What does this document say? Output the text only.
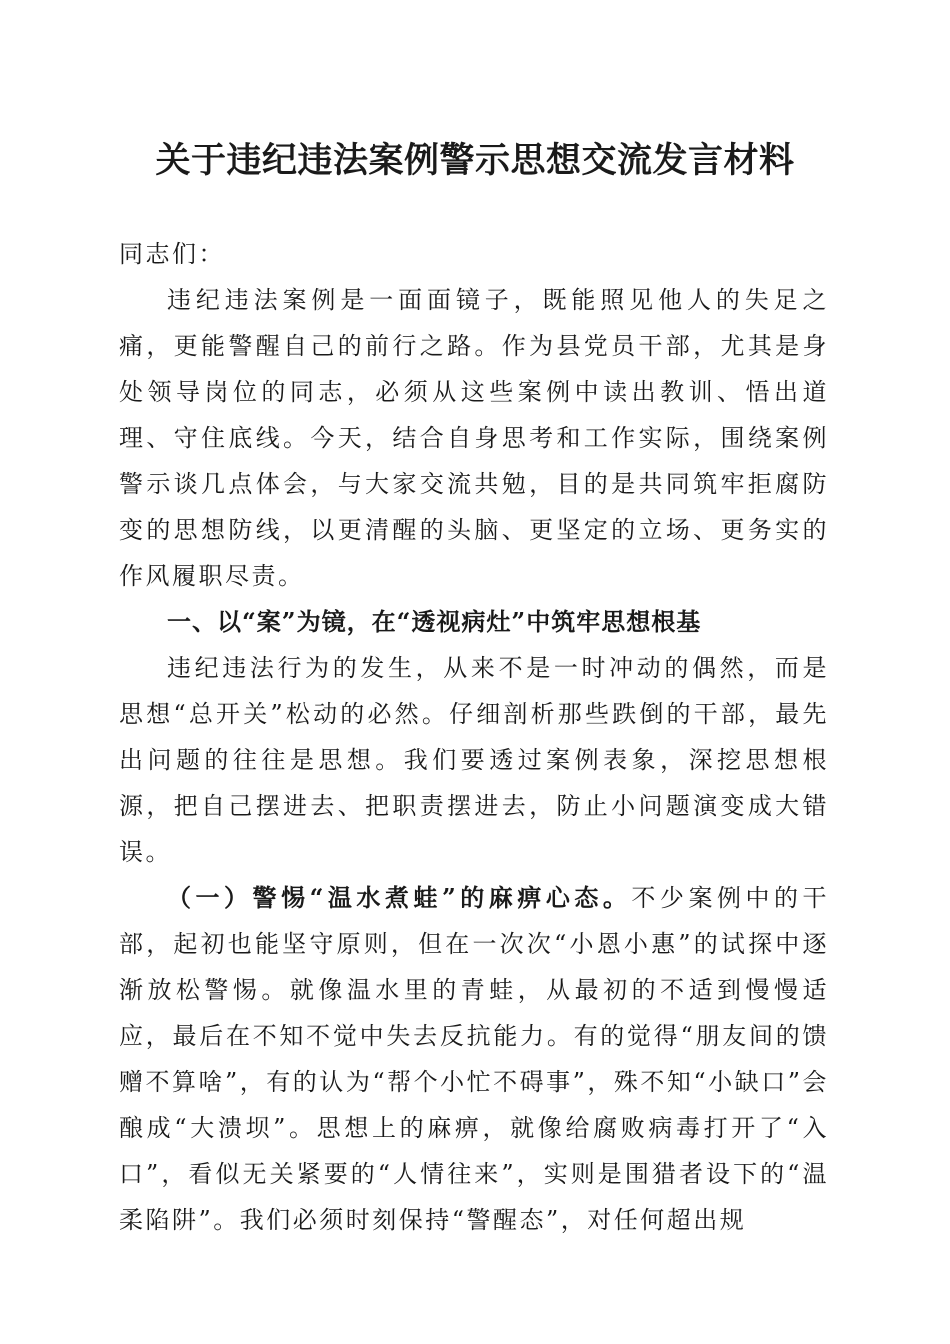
关于违纪违法案例警示思想交流发言材料

同志们：

违纪违法案例是一面面镜子，既能照见他人的失足之痛，更能警醒自己的前行之路。作为县党员干部，尤其是身处领导岗位的同志，必须从这些案例中读出教训、悟出道理、守住底线。今天，结合自身思考和工作实际，围绕案例警示谈几点体会，与大家交流共勉，目的是共同筑牢拒腐防变的思想防线，以更清醒的头脑、更坚定的立场、更务实的作风履职尽责。

一、以“案”为镜，在“透视病灶”中筑牢思想根基

违纪违法行为的发生，从来不是一时冲动的偶然，而是思想“总开关”松动的必然。仔细剖析那些跌倒的干部，最先出问题的往往是思想。我们要透过案例表象，深挖思想根源，把自己摆进去、把职责摆进去，防止小问题演变成大错误。

（一）警惕“温水煮蛙”的麻痹心态。不少案例中的干部，起初也能坚守原则，但在一次次“小恩小惠”的试探中逐渐放松警惕。就像温水里的青蛙，从最初的不适到慢慢适应，最后在不知不觉中失去反抗能力。有的觉得“朋友间的馈赠不算啥”，有的认为“帮个小忙不碍事”，殊不知“小缺口”会酿成“大溃坝”。思想上的麻痹，就像给腐败病毒打开了“入口”，看似无关紧要的“人情往来”，实则是围猎者设下的“温柔陷阱”。我们必须时刻保持“警醒态”，对任何超出规
